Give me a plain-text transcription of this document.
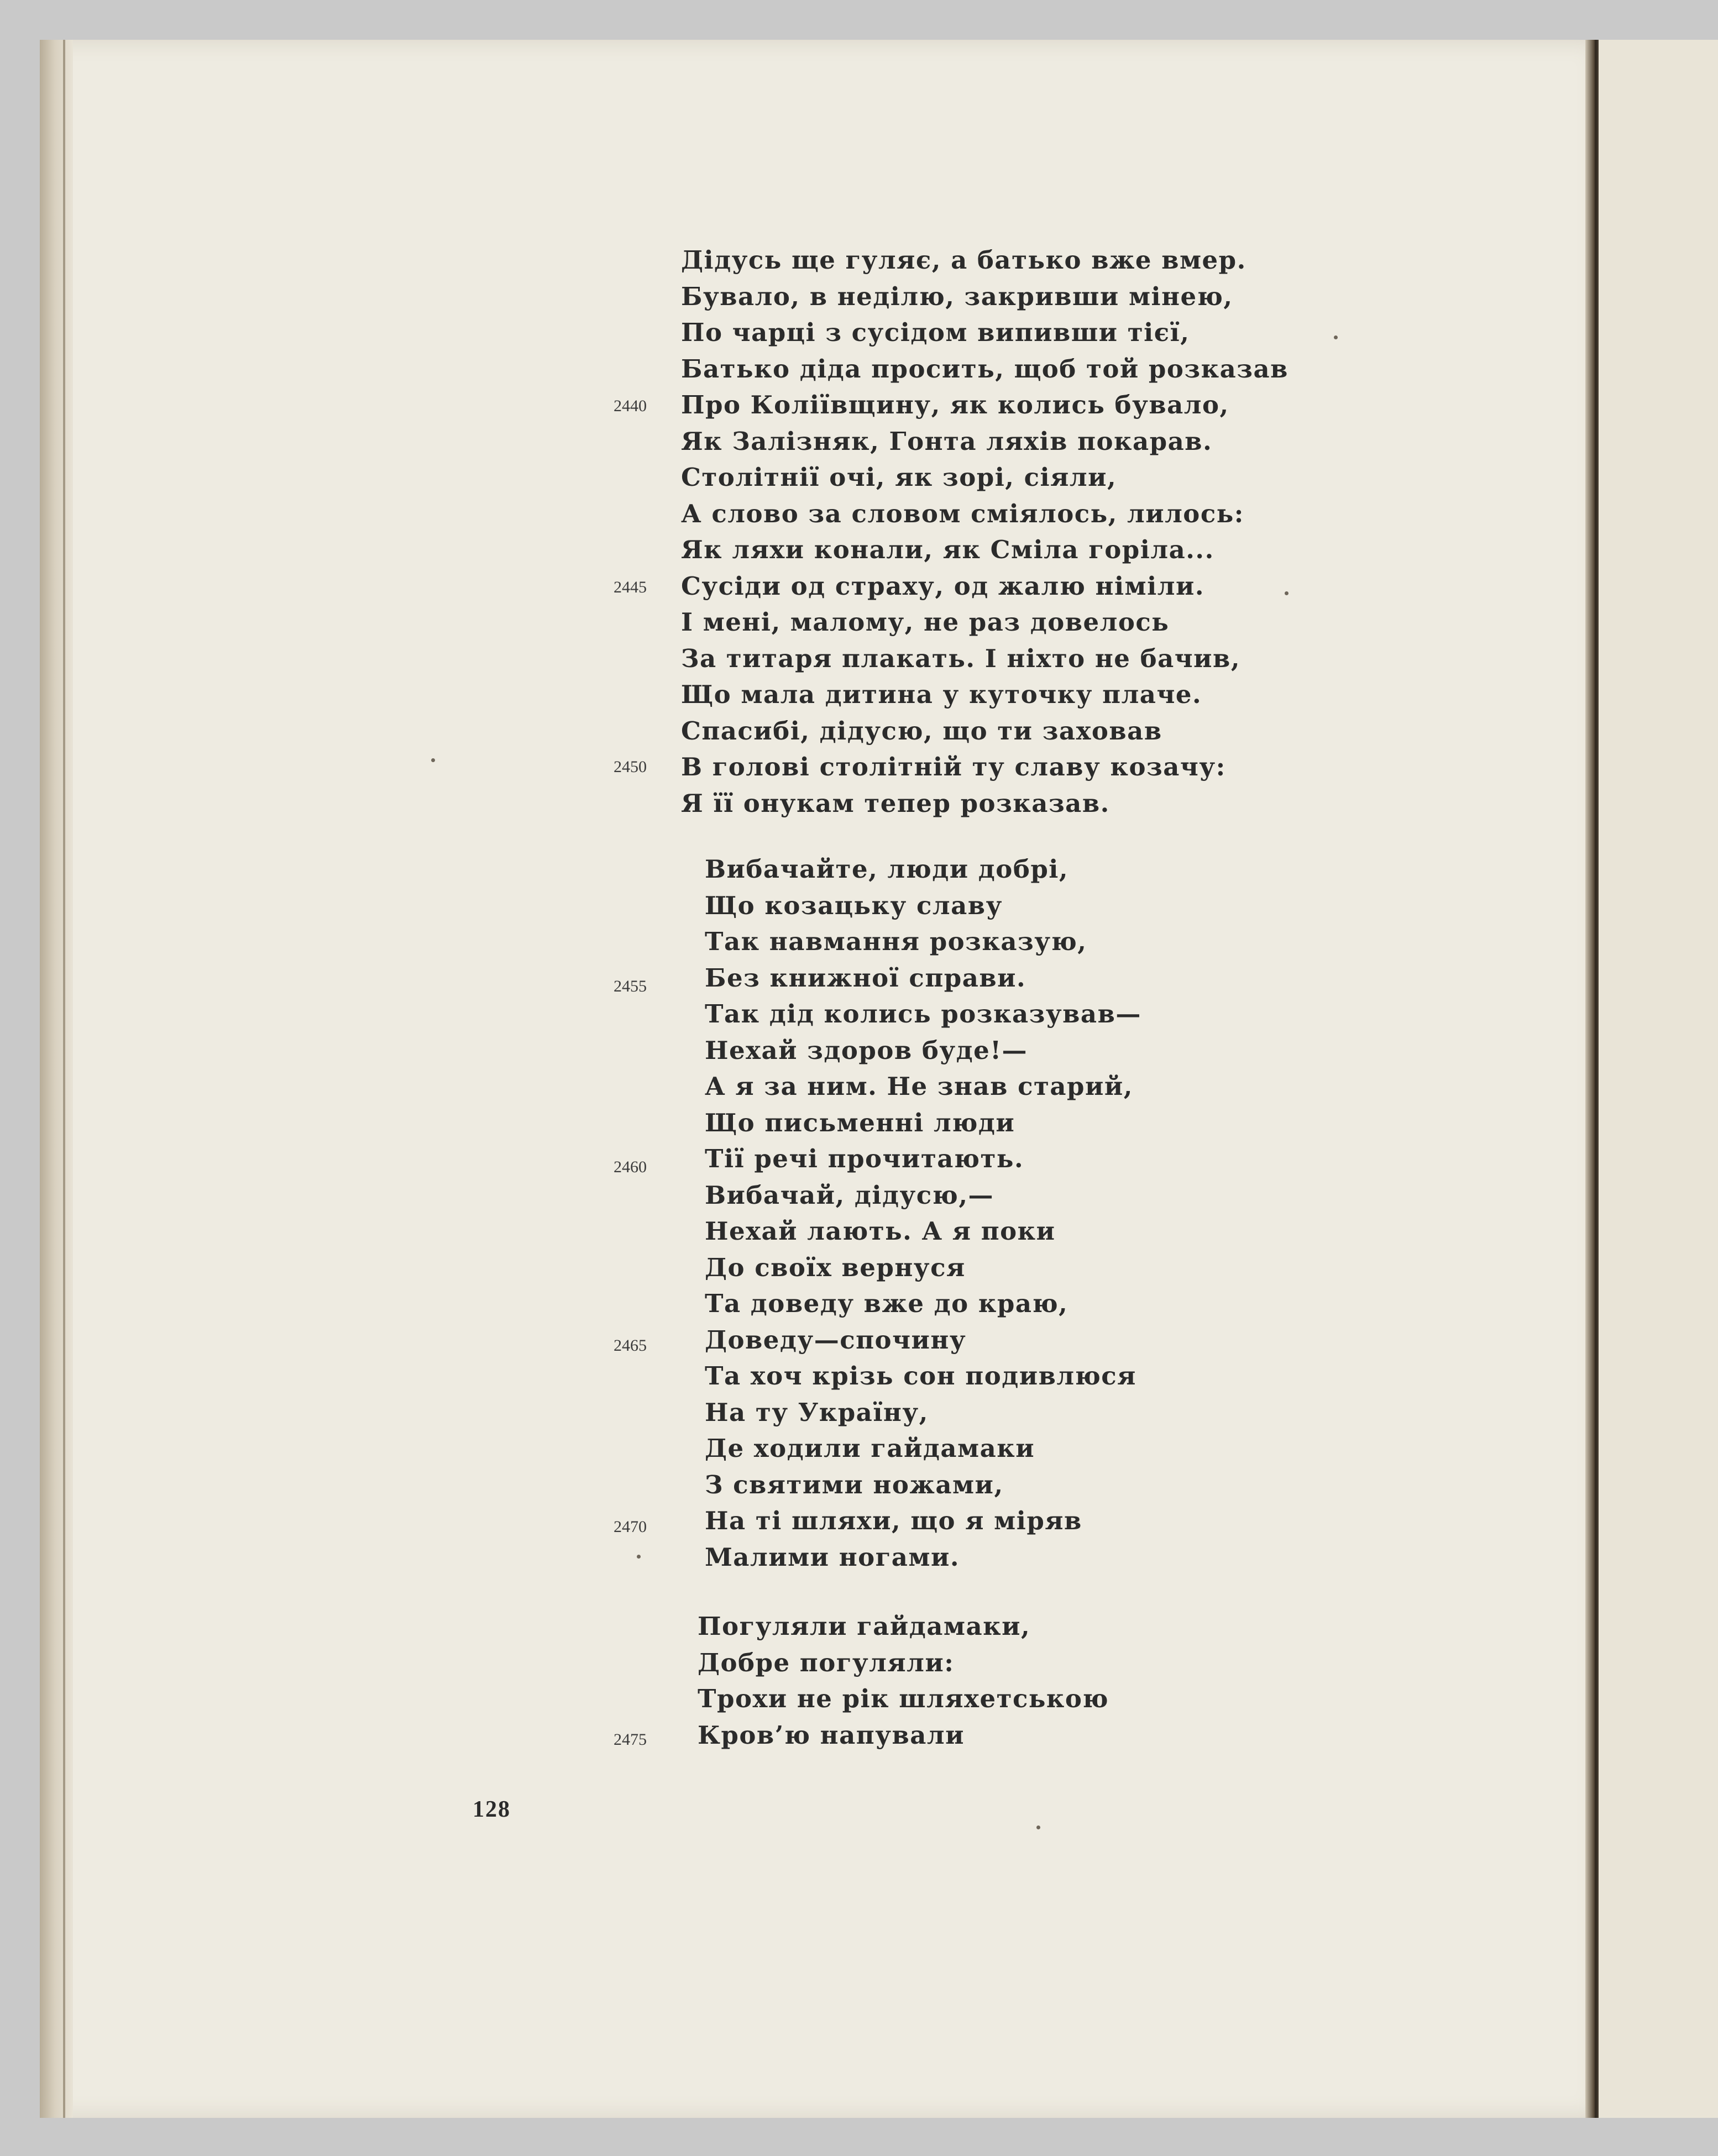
Дідусь ще гуляє, а батько вже вмер.
Бувало, в неділю, закривши мінею,
По чарці з сусідом випивши тієї,
Батько діда просить, щоб той розказав
Про Коліївщину, як колись бувало,
Як Залізняк, Гонта ляхів покарав.
Столітнії очі, як зорі, сіяли,
А слово за словом сміялось, лилось:
Як ляхи конали, як Сміла горіла...
Сусіди од страху, од жалю німіли.
І мені, малому, не раз довелось
За титаря плакать. І ніхто не бачив,
Що мала дитина у куточку плаче.
Спасибі, дідусю, що ти заховав
В голові столітній ту славу козачу:
Я її онукам тепер розказав.
Вибачайте, люди добрі,
Що козацьку славу
Так навмання розказую,
Без книжної справи.
Так дід колись розказував—
Нехай здоров буде!—
А я за ним. Не знав старий,
Що письменні люди
Тії речі прочитають.
Вибачай, дідусю,—
Нехай лають. А я поки
До своїх вернуся
Та доведу вже до краю,
Доведу—спочину
Та хоч крізь сон подивлюся
На ту Україну,
Де ходили гайдамаки
З святими ножами,
На ті шляхи, що я міряв
Малими ногами.
Погуляли гайдамаки,
Добре погуляли:
Трохи не рік шляхетською
Кров’ю напували
2440
2445
2450
2455
2460
2465
2470
2475
128
